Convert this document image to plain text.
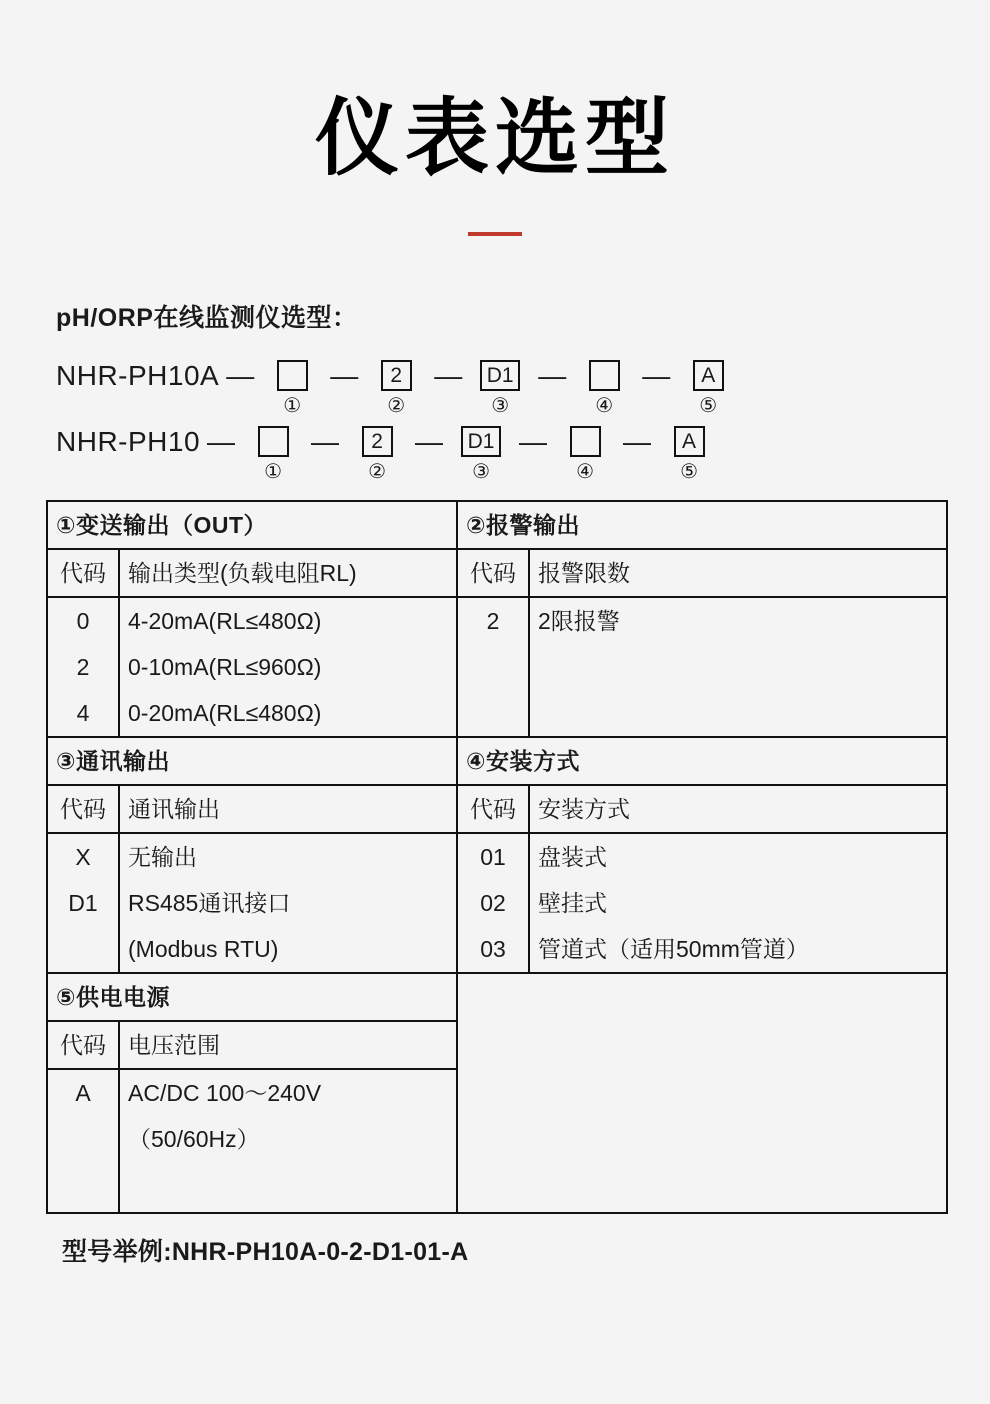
仪表选型
pH/ORP在线监测仪选型：
NHR-PH10A —
①
—	2
②
—	D1
③
—
④
—	A
⑤
NHR-PH10 —
①
—	2
②
—	D1
③
—
④
—	A
⑤
①变送输出（OUT）		②报警输出	
代码	输出类型(负载电阻RL)	代码	报警限数
0	4-20mA(RL≤480Ω)	2	2限报警
2	0-10mA(RL≤960Ω)		
4	0-20mA(RL≤480Ω)		
③通讯输出		④安装方式	
代码	通讯输出	代码	安装方式
X	无输出	01	盘装式
D1	RS485通讯接口	02	壁挂式
	(Modbus RTU)	03	管道式（适用50mm管道）
⑤供电电源			
代码	电压范围		
A	AC/DC 100～240V		
	（50/60Hz）		

型号举例:NHR-PH10A-0-2-D1-01-A
